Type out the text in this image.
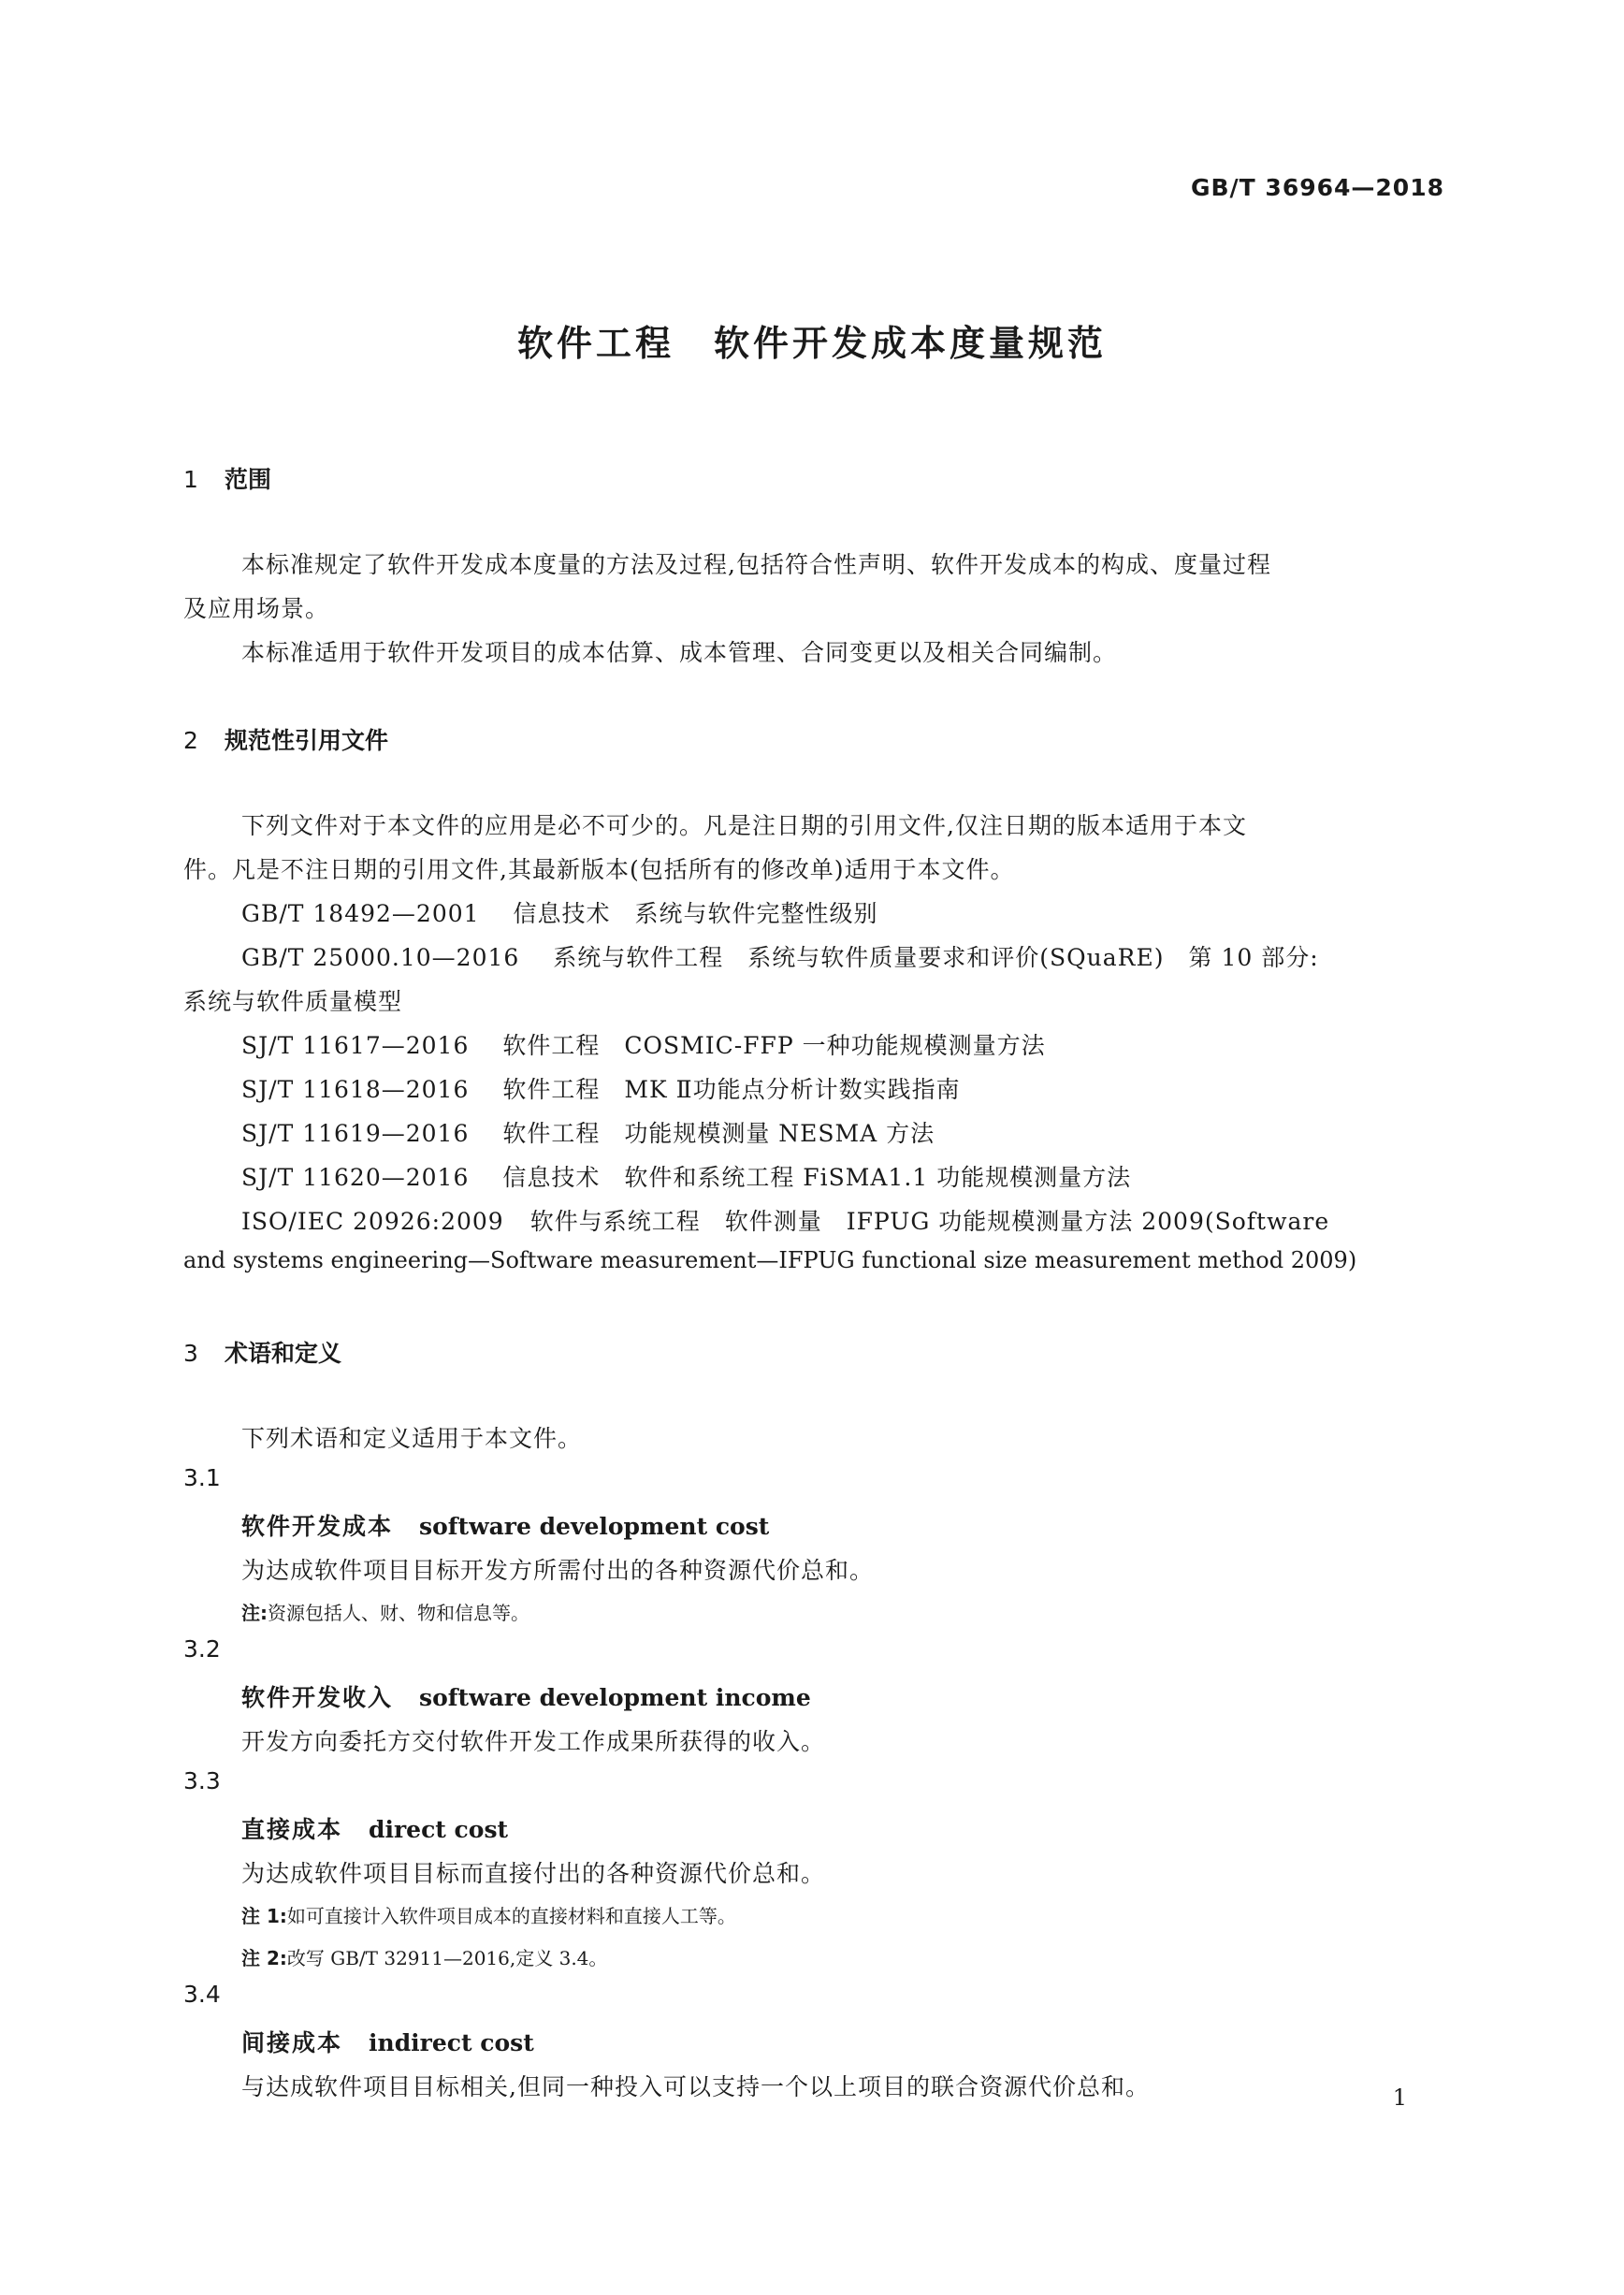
GB/T 36964—2018
软件工程　软件开发成本度量规范
1 范围
本标准规定了软件开发成本度量的方法及过程,包括符合性声明、软件开发成本的构成、度量过程
及应用场景。
本标准适用于软件开发项目的成本估算、成本管理、合同变更以及相关合同编制。
2 规范性引用文件
下列文件对于本文件的应用是必不可少的。凡是注日期的引用文件,仅注日期的版本适用于本文
件。凡是不注日期的引用文件,其最新版本(包括所有的修改单)适用于本文件。
GB/T 18492—2001 信息技术　系统与软件完整性级别
GB/T 25000.10—2016 系统与软件工程　系统与软件质量要求和评价(SQuaRE)　第 10 部分:
系统与软件质量模型
SJ/T 11617—2016 软件工程　COSMIC-FFP 一种功能规模测量方法
SJ/T 11618—2016 软件工程　MK Ⅱ功能点分析计数实践指南
SJ/T 11619—2016 软件工程　功能规模测量 NESMA 方法
SJ/T 11620—2016 信息技术　软件和系统工程 FiSMA1.1 功能规模测量方法
ISO/IEC 20926:2009 软件与系统工程　软件测量　IFPUG 功能规模测量方法 2009(Software
and systems engineering—Software measurement—IFPUG functional size measurement method 2009)
3 术语和定义
下列术语和定义适用于本文件。
3.1
软件开发成本 software development cost
为达成软件项目目标开发方所需付出的各种资源代价总和。
注:资源包括人、财、物和信息等。
3.2
软件开发收入 software development income
开发方向委托方交付软件开发工作成果所获得的收入。
3.3
直接成本 direct cost
为达成软件项目目标而直接付出的各种资源代价总和。
注 1:如可直接计入软件项目成本的直接材料和直接人工等。
注 2:改写 GB/T 32911—2016,定义 3.4。
3.4
间接成本 indirect cost
与达成软件项目目标相关,但同一种投入可以支持一个以上项目的联合资源代价总和。	1
